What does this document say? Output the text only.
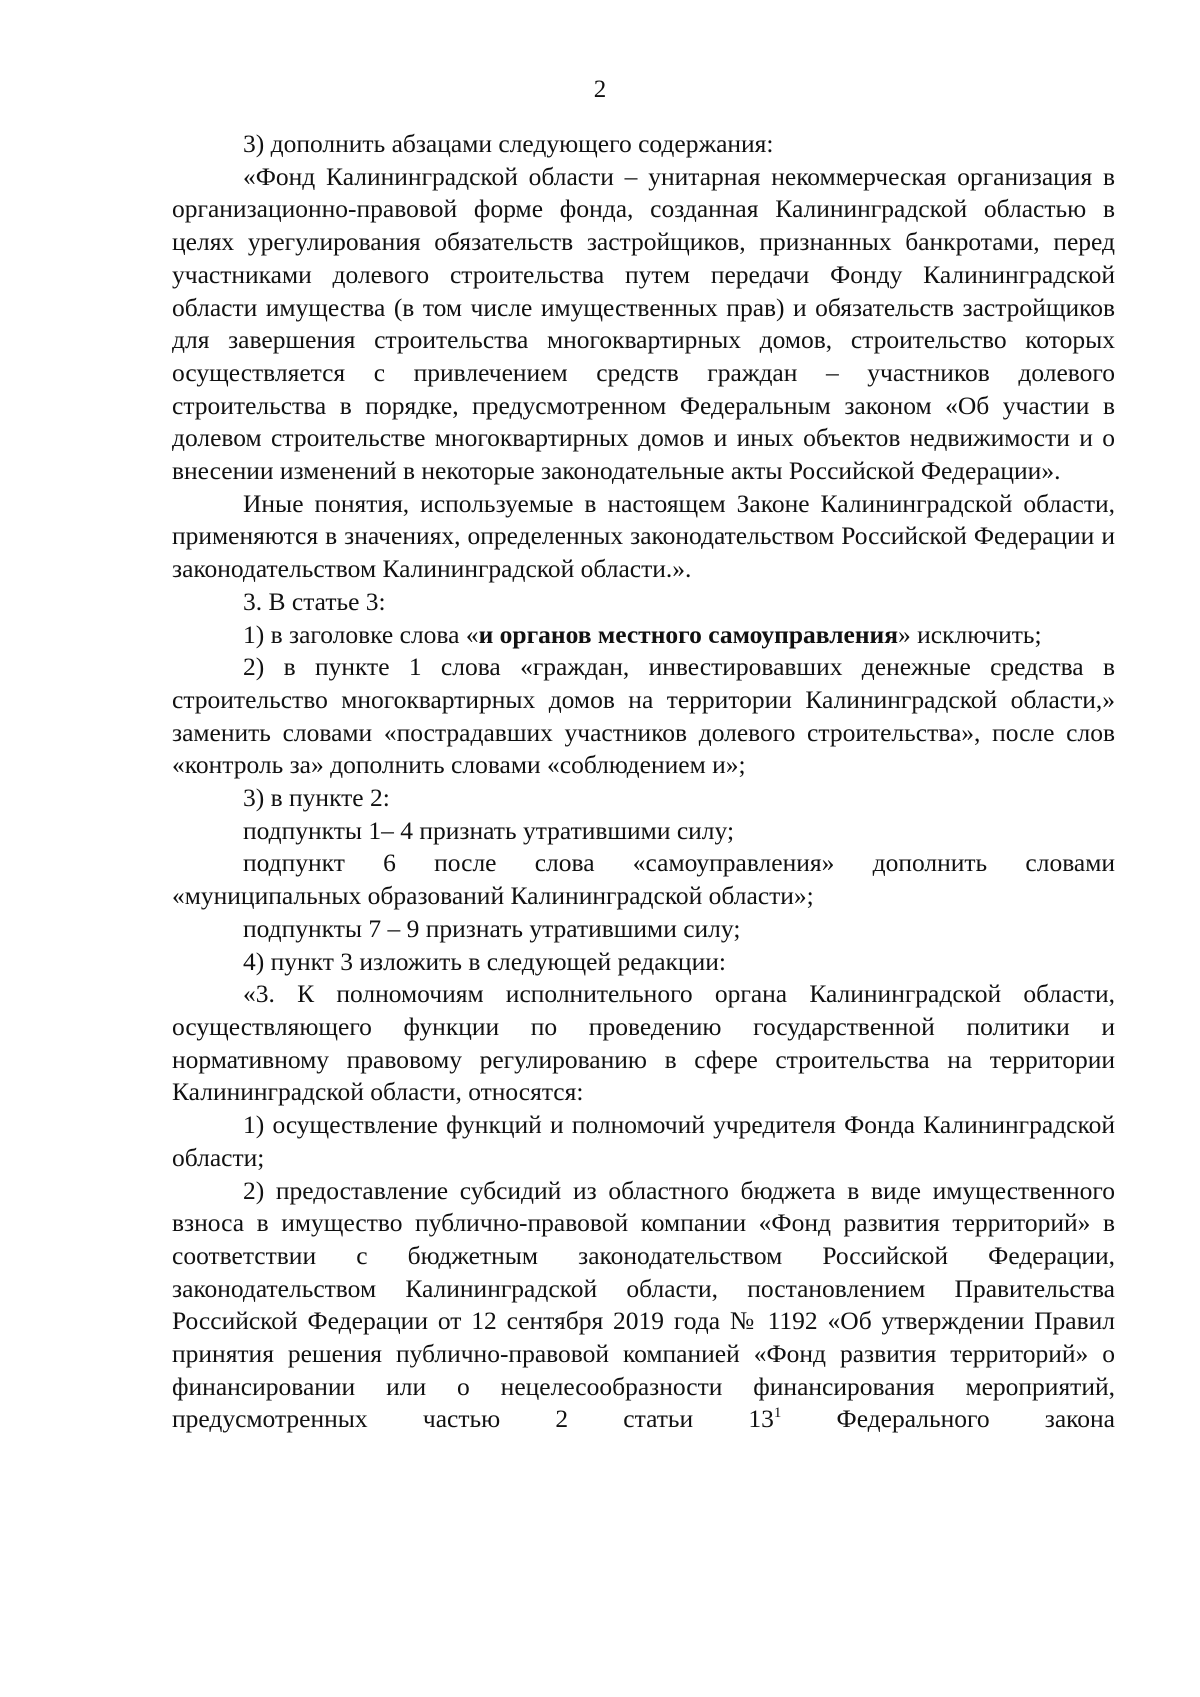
2

3) дополнить абзацами следующего содержания:

«Фонд Калининградской области – унитарная некоммерческая организация в организационно-правовой форме фонда, созданная Калининградской областью в целях урегулирования обязательств застройщиков, признанных банкротами, перед участниками долевого строительства путем передачи Фонду Калининградской области имущества (в том числе имущественных прав) и обязательств застройщиков для завершения строительства многоквартирных домов, строительство которых осуществляется с привлечением средств граждан – участников долевого строительства в порядке, предусмотренном Федеральным законом «Об участии в долевом строительстве многоквартирных домов и иных объектов недвижимости и о внесении изменений в некоторые законодательные акты Российской Федерации».

Иные понятия, используемые в настоящем Законе Калининградской области, применяются в значениях, определенных законодательством Российской Федерации и законодательством Калининградской области.».

3. В статье 3:

1) в заголовке слова «и органов местного самоуправления» исключить;

2) в пункте 1 слова «граждан, инвестировавших денежные средства в строительство многоквартирных домов на территории Калининградской области,» заменить словами «пострадавших участников долевого строительства», после слов «контроль за» дополнить словами «соблюдением и»;

3) в пункте 2:

подпункты 1– 4 признать утратившими силу;

подпункт 6 после слова «самоуправления» дополнить словами «муниципальных образований Калининградской области»;

подпункты 7 – 9 признать утратившими силу;

4) пункт 3 изложить в следующей редакции:

«3. К полномочиям исполнительного органа Калининградской области, осуществляющего функции по проведению государственной политики и нормативному правовому регулированию в сфере строительства на территории Калининградской области, относятся:

1) осуществление функций и полномочий учредителя Фонда Калининградской области;

2) предоставление субсидий из областного бюджета в виде имущественного взноса в имущество публично-правовой компании «Фонд развития территорий» в соответствии с бюджетным законодательством Российской Федерации, законодательством Калининградской области, постановлением Правительства Российской Федерации от 12 сентября 2019 года № 1192 «Об утверждении Правил принятия решения публично-правовой компанией «Фонд развития территорий» о финансировании или о нецелесообразности финансирования мероприятий, предусмотренных частью 2 статьи $13^1$ Федерального закона
